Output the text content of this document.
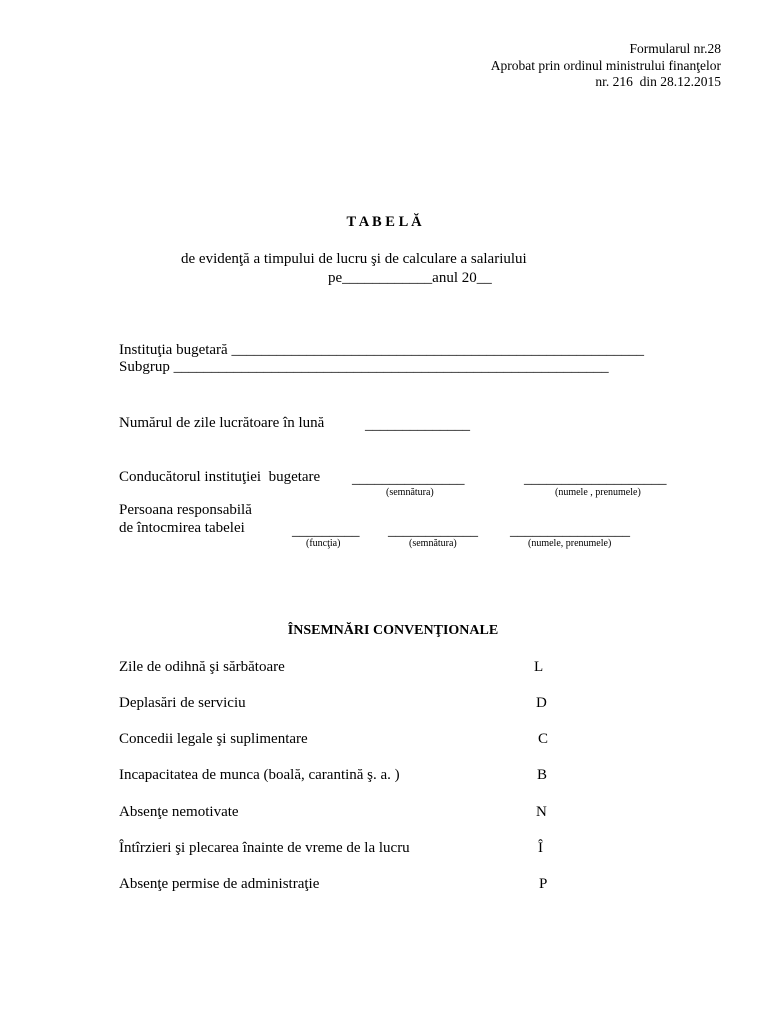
Formularul nr.28
Aprobat prin ordinul ministrului finanţelor
nr. 216  din 28.12.2015
T A B E L Ă
de evidenţă a timpului de lucru şi de calculare a salariului
pe____________anul 20__
Instituţia bugetară _______________________________________________________
Subgrup __________________________________________________________
Numărul de zile lucrătoare în lună	______________
Conducătorul instituţiei  bugetare _______________	___________________
(semnătura)	(numele , prenumele)
Persoana responsabilă
de întocmirea tabelei	_________ ____________ ________________
(funcţia)	(semnătura)	(numele, prenumele)
ÎNSEMNĂRI CONVENŢIONALE
Zile de odihnă şi sărbătoare	L
Deplasări de serviciu	D
Concedii legale şi suplimentare	C
Incapacitatea de munca (boală, carantină ş. a. )	B
Absenţe nemotivate	N
Întîrzieri şi plecarea înainte de vreme de la lucru	Î
Absenţe permise de administraţie	P
